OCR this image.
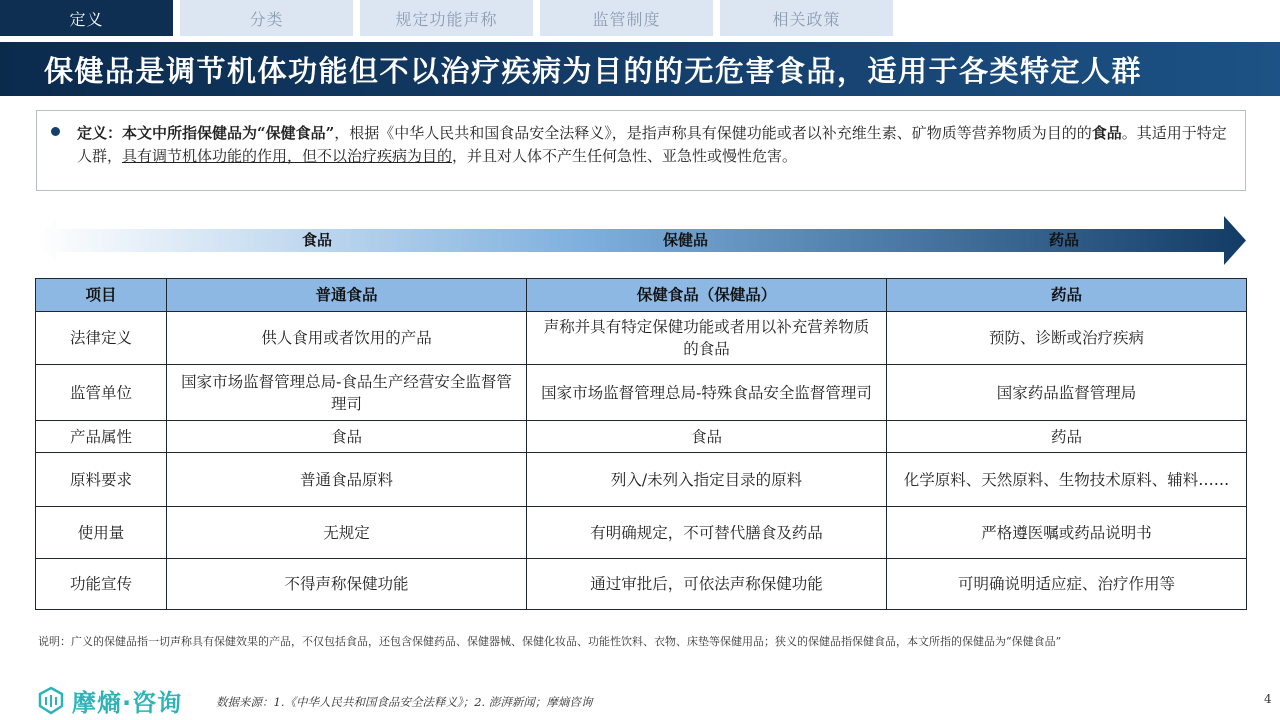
定义	分类	规定功能声称	监管制度	相关政策
保健品是调节机体功能但不以治疗疾病为目的的无危害食品，适用于各类特定人群

定义：本文中所指保健品为“保健食品”，根据《中华人民共和国食品安全法释义》，是指声称具有保健功能或者以补充维生素、矿物质等营养物质为目的的食品。其适用于特定人群，具有调节机体功能的作用，但不以治疗疾病为目的，并且对人体不产生任何急性、亚急性或慢性危害。

食品	保健品	药品
项目	普通食品	保健食品（保健品）	药品
法律定义	供人食用或者饮用的产品	声称并具有特定保健功能或者用以补充营养物质的食品	预防、诊断或治疗疾病
监管单位	国家市场监督管理总局-食品生产经营安全监督管理司	国家市场监督管理总局-特殊食品安全监督管理司	国家药品监督管理局
产品属性	食品	食品	药品
原料要求	普通食品原料	列入/未列入指定目录的原料	化学原料、天然原料、生物技术原料、辅料……
使用量	无规定	有明确规定，不可替代膳食及药品	严格遵医嘱或药品说明书
功能宣传	不得声称保健功能	通过审批后，可依法声称保健功能	可明确说明适应症、治疗作用等

说明：广义的保健品指一切声称具有保健效果的产品，不仅包括食品，还包含保健药品、保健器械、保健化妆品、功能性饮料、衣物、床垫等保健用品；狭义的保健品指保健食品，本文所指的保健品为“保健食品”

摩熵·咨询	数据来源：1.《中华人民共和国食品安全法释义》；2. 澎湃新闻；摩熵咨询	4
